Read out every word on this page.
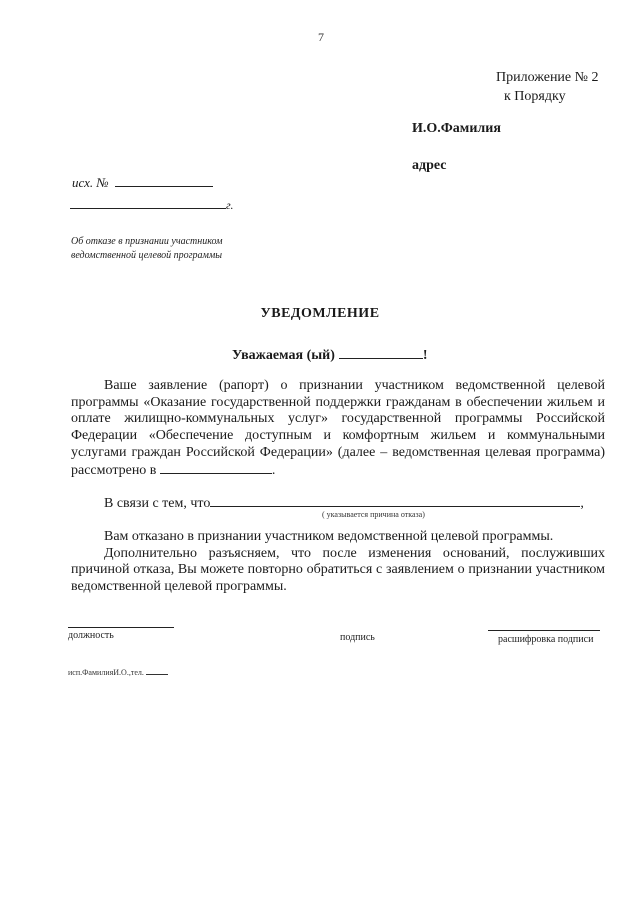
7
Приложение № 2
к Порядку
И.О.Фамилия
адрес
исх. №
г.
Об отказе в признании участником
ведомственной целевой программы
УВЕДОМЛЕНИЕ
Уважаемая (ый)	!
Ваше заявление (рапорт) о признании участником ведомственной целевой программы «Оказание государственной поддержки гражданам в обеспечении жильем и оплате жилищно-коммунальных услуг» государственной программы Российской Федерации «Обеспечение доступным и комфортным жильем и коммунальными услугами граждан Российской Федерации» (далее – ведомственная целевая программа) рассмотрено в	.
В связи с тем, что	,
( указывается причина отказа)
Вам отказано в признании участником ведомственной целевой программы.
Дополнительно разъясняем, что после изменения оснований, послуживших причиной отказа, Вы можете повторно обратиться с заявлением о признании участником ведомственной целевой программы.
должность	подпись	расшифровка подписи
исп.ФамилияИ.О.,тел.
